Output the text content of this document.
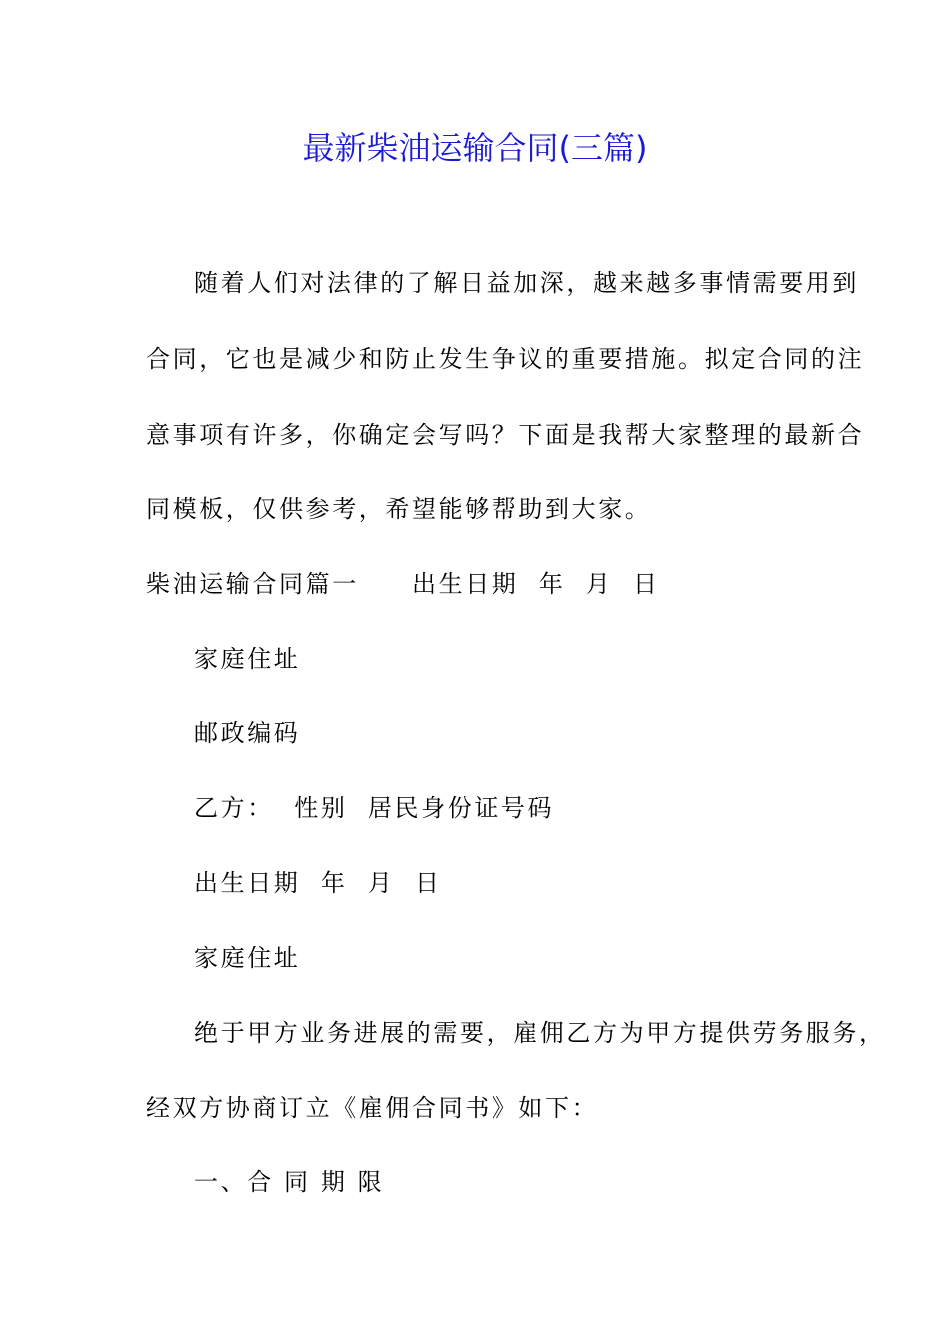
最新柴油运输合同(三篇)
随着人们对法律的了解日益加深，越来越多事情需要用到
合同，它也是减少和防止发生争议的重要措施。拟定合同的注
意事项有许多，你确定会写吗？下面是我帮大家整理的最新合
同模板，仅供参考，希望能够帮助到大家。
柴油运输合同篇一　　出生日期  年  月  日
家庭住址
邮政编码
乙方：  性别  居民身份证号码
出生日期  年  月  日
家庭住址
绝于甲方业务进展的需要，雇佣乙方为甲方提供劳务服务，
经双方协商订立《雇佣合同书》如下：
一、合 同 期 限
